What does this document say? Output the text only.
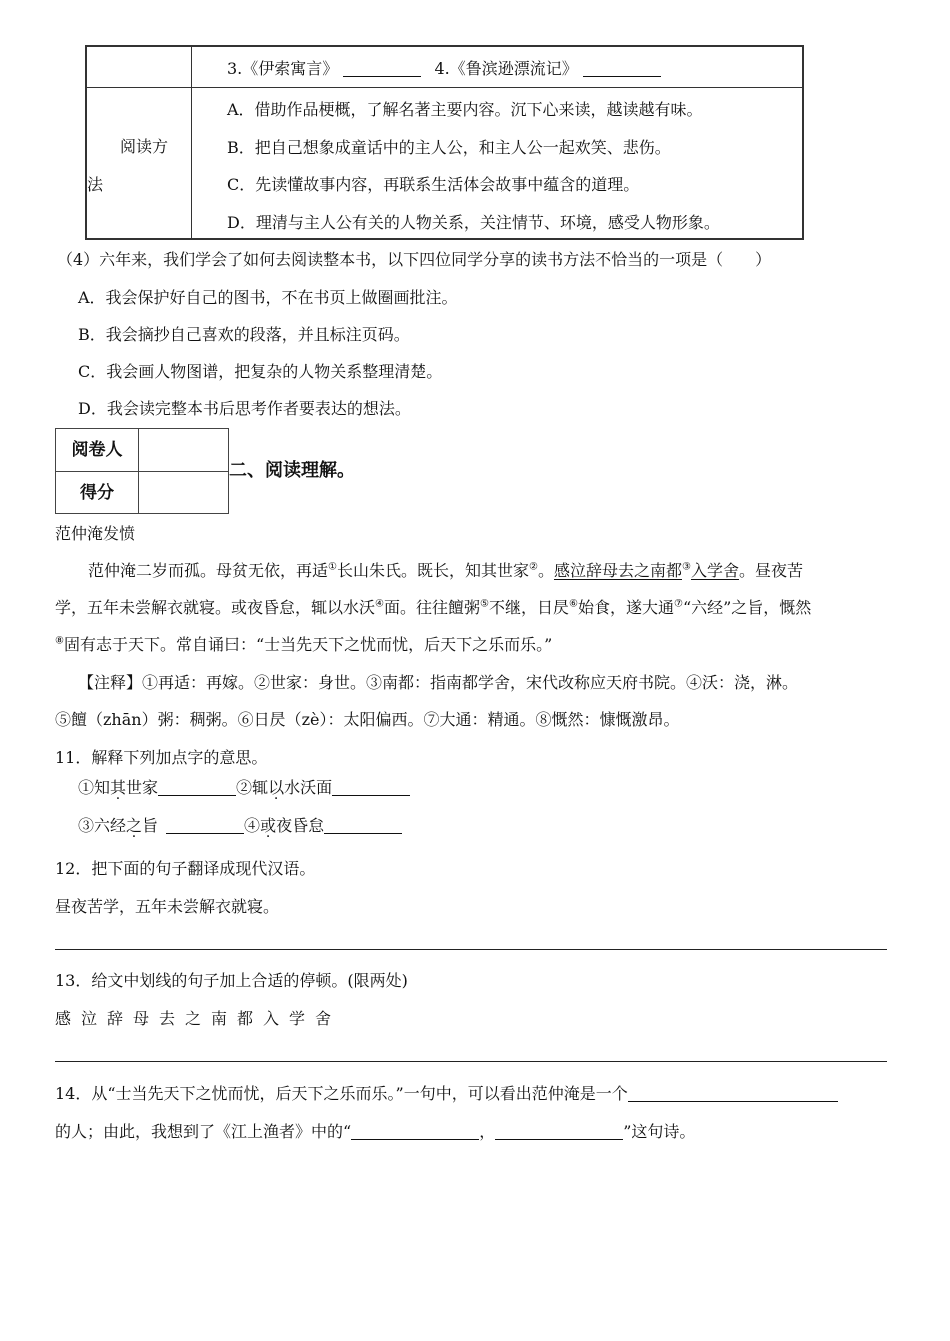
3.《伊索寓言》	4.《鲁滨逊漂流记》
阅读方
法
A．借助作品梗概，了解名著主要内容。沉下心来读，越读越有味。
B．把自己想象成童话中的主人公，和主人公一起欢笑、悲伤。
C．先读懂故事内容，再联系生活体会故事中蕴含的道理。
D．理清与主人公有关的人物关系，关注情节、环境，感受人物形象。
（4）六年来，我们学会了如何去阅读整本书，以下四位同学分享的读书方法不恰当的一项是（　　）
A．我会保护好自己的图书，不在书页上做圈画批注。
B．我会摘抄自己喜欢的段落，并且标注页码。
C．我会画人物图谱，把复杂的人物关系整理清楚。
D．我会读完整本书后思考作者要表达的想法。
阅卷人
得分
二、阅读理解。
范仲淹发愤
范仲淹二岁而孤。母贫无依，再适①长山朱氏。既长，知其世家②。感泣辞母去之南都③入学舍。昼夜苦
学，五年未尝解衣就寝。或夜昏怠，辄以水沃④面。往往饘粥⑤不继，日昃⑥始食，遂大通⑦“六经”之旨，慨然
⑧固有志于天下。常自诵曰：“士当先天下之忧而忧，后天下之乐而乐。”
【注释】①再适：再嫁。②世家：身世。③南都：指南都学舍，宋代改称应天府书院。④沃：浇，淋。
⑤饘（zhān）粥：稠粥。⑥日昃（zè）：太阳偏西。⑦大通：精通。⑧慨然：慷慨激昂。
11．解释下列加点字的意思。
①知其世家	②辄以水沃面
③六经之旨	④或夜昏怠
12．把下面的句子翻译成现代汉语。
昼夜苦学，五年未尝解衣就寝。
13．给文中划线的句子加上合适的停顿。(限两处)
感泣辞母去之南都入学舍
14．从“士当先天下之忧而忧，后天下之乐而乐。”一句中，可以看出范仲淹是一个
的人；由此，我想到了《江上渔者》中的“	，	”这句诗。
